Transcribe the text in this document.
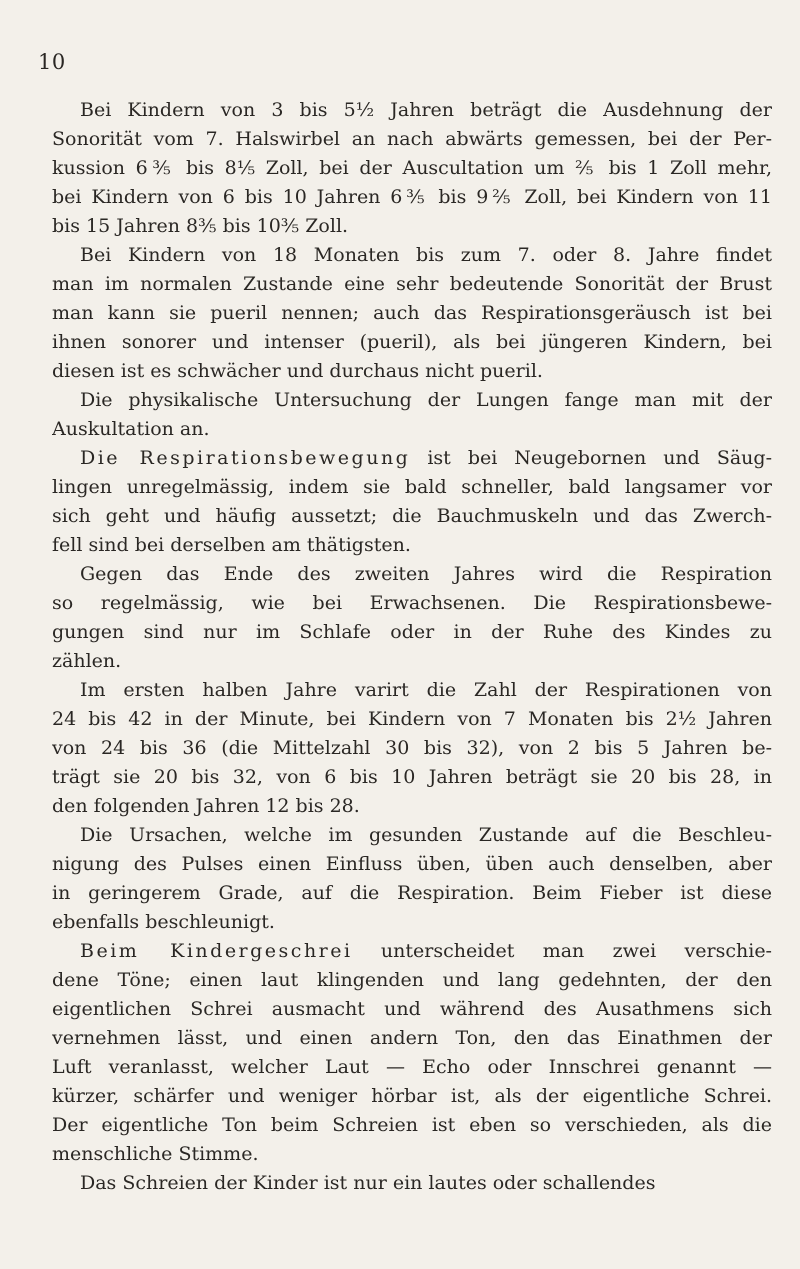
10
Bei Kindern von 3 bis 5½ Jahren beträgt die Ausdehnung der
Sonorität vom 7. Halswirbel an nach abwärts gemessen, bei der Per-
kussion 6⅗ bis 8⅕ Zoll, bei der Auscultation um ⅖ bis 1 Zoll mehr,
bei Kindern von 6 bis 10 Jahren 6⅗ bis 9⅖ Zoll, bei Kindern von 11
bis 15 Jahren 8⅗ bis 10⅗ Zoll.
Bei Kindern von 18 Monaten bis zum 7. oder 8. Jahre findet
man im normalen Zustande eine sehr bedeutende Sonorität der Brust
man kann sie pueril nennen; auch das Respirationsgeräusch ist bei
ihnen sonorer und intenser (pueril), als bei jüngeren Kindern, bei
diesen ist es schwächer und durchaus nicht pueril.
Die physikalische Untersuchung der Lungen fange man mit der
Auskultation an.
Die Respirationsbewegung ist bei Neugebornen und Säug-
lingen unregelmässig, indem sie bald schneller, bald langsamer vor
sich geht und häufig aussetzt; die Bauchmuskeln und das Zwerch-
fell sind bei derselben am thätigsten.
Gegen das Ende des zweiten Jahres wird die Respiration
so regelmässig, wie bei Erwachsenen. Die Respirationsbewe-
gungen sind nur im Schlafe oder in der Ruhe des Kindes zu
zählen.
Im ersten halben Jahre varirt die Zahl der Respirationen von
24 bis 42 in der Minute, bei Kindern von 7 Monaten bis 2½ Jahren
von 24 bis 36 (die Mittelzahl 30 bis 32), von 2 bis 5 Jahren be-
trägt sie 20 bis 32, von 6 bis 10 Jahren beträgt sie 20 bis 28, in
den folgenden Jahren 12 bis 28.
Die Ursachen, welche im gesunden Zustande auf die Beschleu-
nigung des Pulses einen Einfluss üben, üben auch denselben, aber
in geringerem Grade, auf die Respiration. Beim Fieber ist diese
ebenfalls beschleunigt.
Beim Kindergeschrei unterscheidet man zwei verschie-
dene Töne; einen laut klingenden und lang gedehnten, der den
eigentlichen Schrei ausmacht und während des Ausathmens sich
vernehmen lässt, und einen andern Ton, den das Einathmen der
Luft veranlasst, welcher Laut — Echo oder Innschrei genannt —
kürzer, schärfer und weniger hörbar ist, als der eigentliche Schrei.
Der eigentliche Ton beim Schreien ist eben so verschieden, als die
menschliche Stimme.
Das Schreien der Kinder ist nur ein lautes oder schallendes
